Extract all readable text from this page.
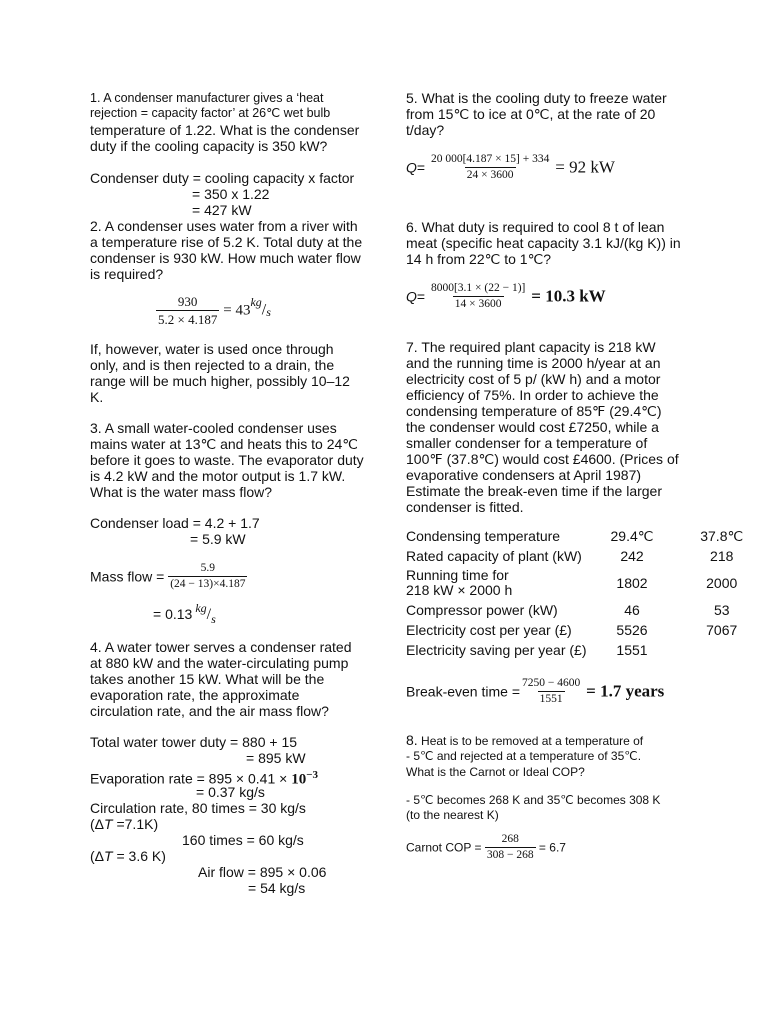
1. A condenser manufacturer gives a ‘heat
rejection = capacity factor’ at 26℃ wet bulb
temperature of 1.22. What is the condenser
duty if the cooling capacity is 350 kW?
Condenser duty = cooling capacity x factor
= 350 x 1.22
= 427 kW
2. A condenser uses water from a river with
a temperature rise of 5.2 K. Total duty at the
condenser is 930 kW. How much water flow
is required?
$\frac{930}{5.2 \times 4.187} = 43kg/s$
If, however, water is used once through
only, and is then rejected to a drain, the
range will be much higher, possibly 10–12
K.
3. A small water-cooled condenser uses
mains water at 13℃ and heats this to 24℃
before it goes to waste. The evaporator duty
is 4.2 kW and the motor output is 1.7 kW.
What is the water mass flow?
Condenser load = 4.2 + 1.7
= 5.9 kW
Mass flow = $\frac{5.9}{(24 - 13)\times 4.187}$
= 0.13 kg/s
4. A water tower serves a condenser rated
at 880 kW and the water-circulating pump
takes another 15 kW. What will be the
evaporation rate, the approximate
circulation rate, and the air mass flow?
Total water tower duty = 880 + 15
= 895 kW
Evaporation rate = $895 \times 0.41 \times 10^{-3}$
= 0.37 kg/s
Circulation rate, 80 times = 30 kg/s
(ΔT =7.1K)
160 times = 60 kg/s
(ΔT = 3.6 K)
Air flow = 895 × 0.06
= 54 kg/s
5. What is the cooling duty to freeze water
from 15℃ to ice at 0℃, at the rate of 20
t/day?
$Q= \frac{20 000[4.187 \times 15] + 334}{24 \times 3600} = 92$ kW
6. What duty is required to cool 8 t of lean
meat (specific heat capacity 3.1 kJ/(kg K)) in
14 h from 22℃ to 1℃?
$Q= \frac{8000[3.1 \times (22 - 1)]}{14 \times 3600} = 10.3$ kW
7. The required plant capacity is 218 kW
and the running time is 2000 h/year at an
electricity cost of 5 p/ (kW h) and a motor
efficiency of 75%. In order to achieve the
condensing temperature of 85℉ (29.4℃)
the condenser would cost £7250, while a
smaller condenser for a temperature of
100℉ (37.8℃) would cost £4600. (Prices of
evaporative condensers at April 1987)
Estimate the break-even time if the larger
condenser is fitted.
Condensing temperature	29.4℃	37.8℃
Rated capacity of plant (kW)	242	218
Running time for
218 kW × 2000 h	1802	2000
Compressor power (kW)	46	53
Electricity cost per year (£)	5526	7067
Electricity saving per year (£)	1551	
Break-even time = $\frac{7250 - 4600}{1551} = 1.7$ years
8. Heat is to be removed at a temperature of
- 5℃ and rejected at a temperature of 35℃.
What is the Carnot or Ideal COP?
- 5℃ becomes 268 K and 35℃ becomes 308 K
(to the nearest K)
Carnot COP = $\frac{268}{308 - 268} = 6.7$
